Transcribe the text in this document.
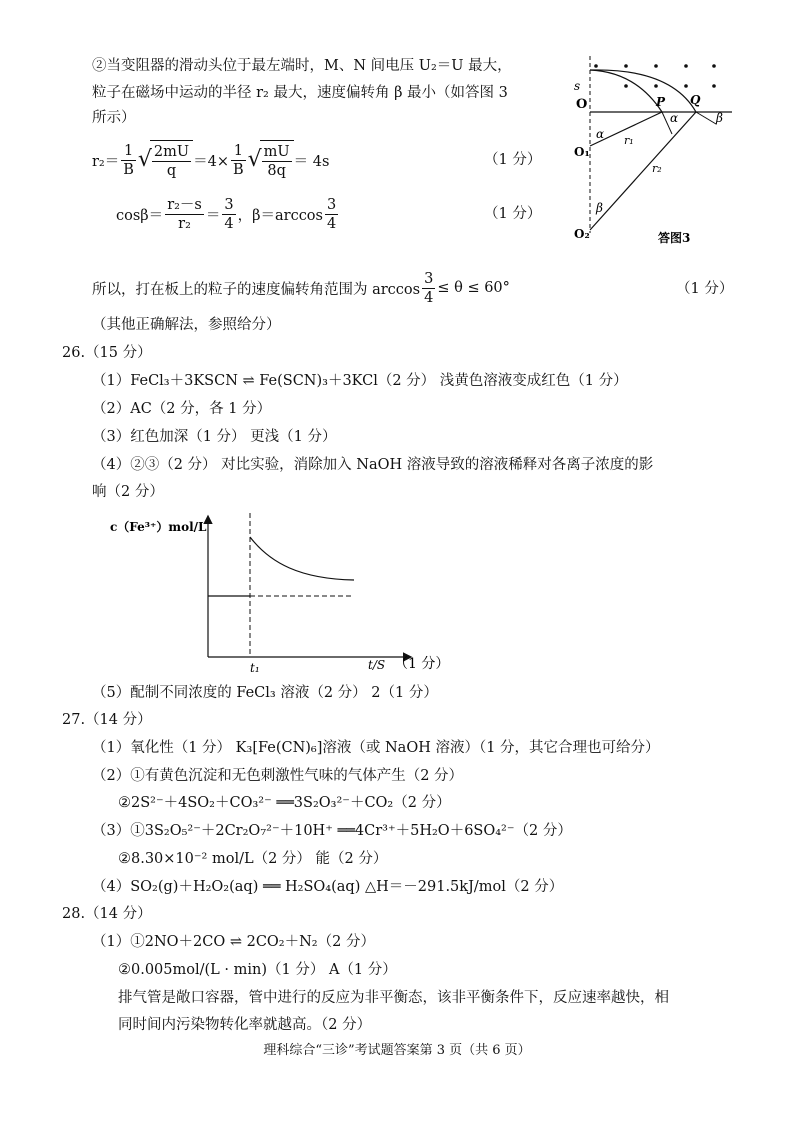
②当变阻器的滑动头位于最左端时，M、N 间电压 U₂＝U 最大，
粒子在磁场中运动的半径 r₂ 最大，速度偏转角 β 最小（如答图 3
所示）
$r_2= \frac{1}{B}$ √ $\frac{2mU}{q} =4\times \frac{1}{B}$ √ $\frac{mU}{8q} = 4s$	（1 分）
$\cos\beta= \frac{\text{r₂－s}}{\text{r₂}} = \frac{3}{4}$ ，$\beta=\arccos \frac{3}{4}$	（1 分）
O
s
P Q
α
α	β
O₁
r₁
r₂
β
O₂	答图3
所以，打在板上的粒子的速度偏转角范围为 $\arccos \frac{3}{4} \le \theta \le 60^\circ$	（1 分）
（其他正确解法，参照给分）
26.（15 分）
（1）FeCl₃＋3KSCN ⇌ Fe(SCN)₃＋3KCl（2 分） 浅黄色溶液变成红色（1 分）
（2）AC（2 分，各 1 分）
（3）红色加深（1 分） 更浅（1 分）
（4）②③（2 分） 对比实验，消除加入 NaOH 溶液导致的溶液稀释对各离子浓度的影
响（2 分）
c（Fe³⁺）mol/L
t₁	t/S （1 分）
（5）配制不同浓度的 FeCl₃ 溶液（2 分） 2（1 分）
27.（14 分）
（1）氧化性（1 分） K₃[Fe(CN)₆]溶液（或 NaOH 溶液）（1 分，其它合理也可给分）
（2）①有黄色沉淀和无色刺激性气味的气体产生（2 分）
②2S²⁻＋4SO₂＋CO₃²⁻ ══3S₂O₃²⁻＋CO₂（2 分）
（3）①3S₂O₅²⁻＋2Cr₂O₇²⁻＋10H⁺ ══4Cr³⁺＋5H₂O＋6SO₄²⁻（2 分）
②8.30×10⁻² mol/L（2 分） 能（2 分）
（4）SO₂(g)＋H₂O₂(aq) ══ H₂SO₄(aq) △H＝－291.5kJ/mol（2 分）
28.（14 分）
（1）①2NO＋2CO ⇌ 2CO₂＋N₂（2 分）
②0.005mol/(L · min)（1 分） A（1 分）
排气管是敞口容器，管中进行的反应为非平衡态，该非平衡条件下，反应速率越快，相
同时间内污染物转化率就越高。（2 分）
理科综合“三诊”考试题答案第 3 页（共 6 页）
